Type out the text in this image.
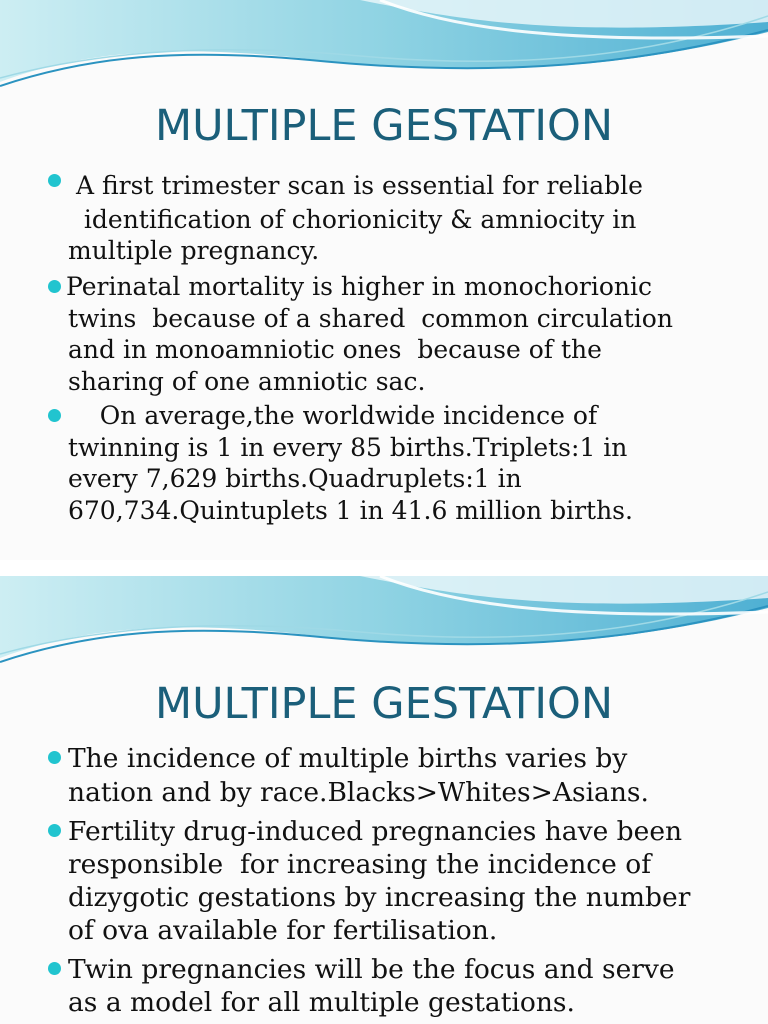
MULTIPLE GESTATION
A first trimester scan is essential for reliable
identification of chorionicity & amniocity in
multiple pregnancy.
Perinatal mortality is higher in monochorionic
twins  because of a shared  common circulation
and in monoamniotic ones  because of the
sharing of one amniotic sac.
On average,the worldwide incidence of
twinning is 1 in every 85 births.Triplets:1 in
every 7,629 births.Quadruplets:1 in
670,734.Quintuplets 1 in 41.6 million births.
MULTIPLE GESTATION
The incidence of multiple births varies by
nation and by race.Blacks>Whites>Asians.
Fertility drug-induced pregnancies have been
responsible  for increasing the incidence of
dizygotic gestations by increasing the number
of ova available for fertilisation.
Twin pregnancies will be the focus and serve
as a model for all multiple gestations.
